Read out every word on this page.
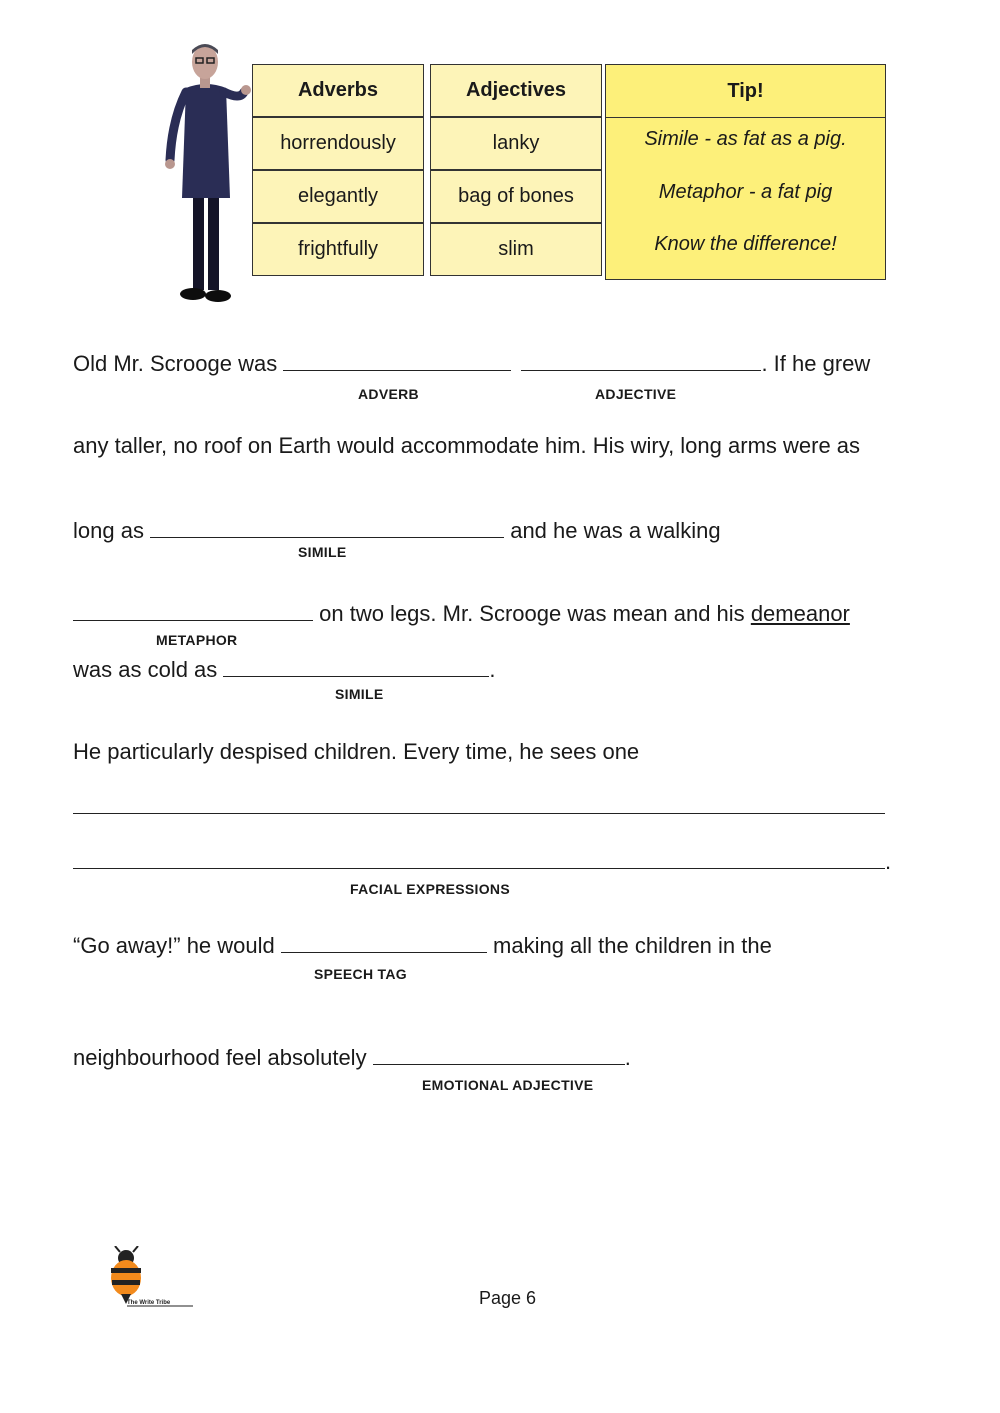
Adverbs
horrendously
elegantly
frightfully
Adjectives
lanky
bag of bones
slim
Tip!
Simile - as fat as a pig.
Metaphor - a fat pig
Know the difference!
Old Mr. Scrooge was	. If he grew
ADVERB	ADJECTIVE
any taller, no roof on Earth would accommodate him. His wiry, long arms were as
long as	and he was a walking
SIMILE
on two legs. Mr. Scrooge was mean and his demeanor
METAPHOR
was as cold as	.
SIMILE
He particularly despised children. Every time, he sees one
.
FACIAL EXPRESSIONS
“Go away!” he would	making all the children in the
SPEECH TAG
neighbourhood feel absolutely	.
EMOTIONAL ADJECTIVE
The Write Tribe	Page 6
